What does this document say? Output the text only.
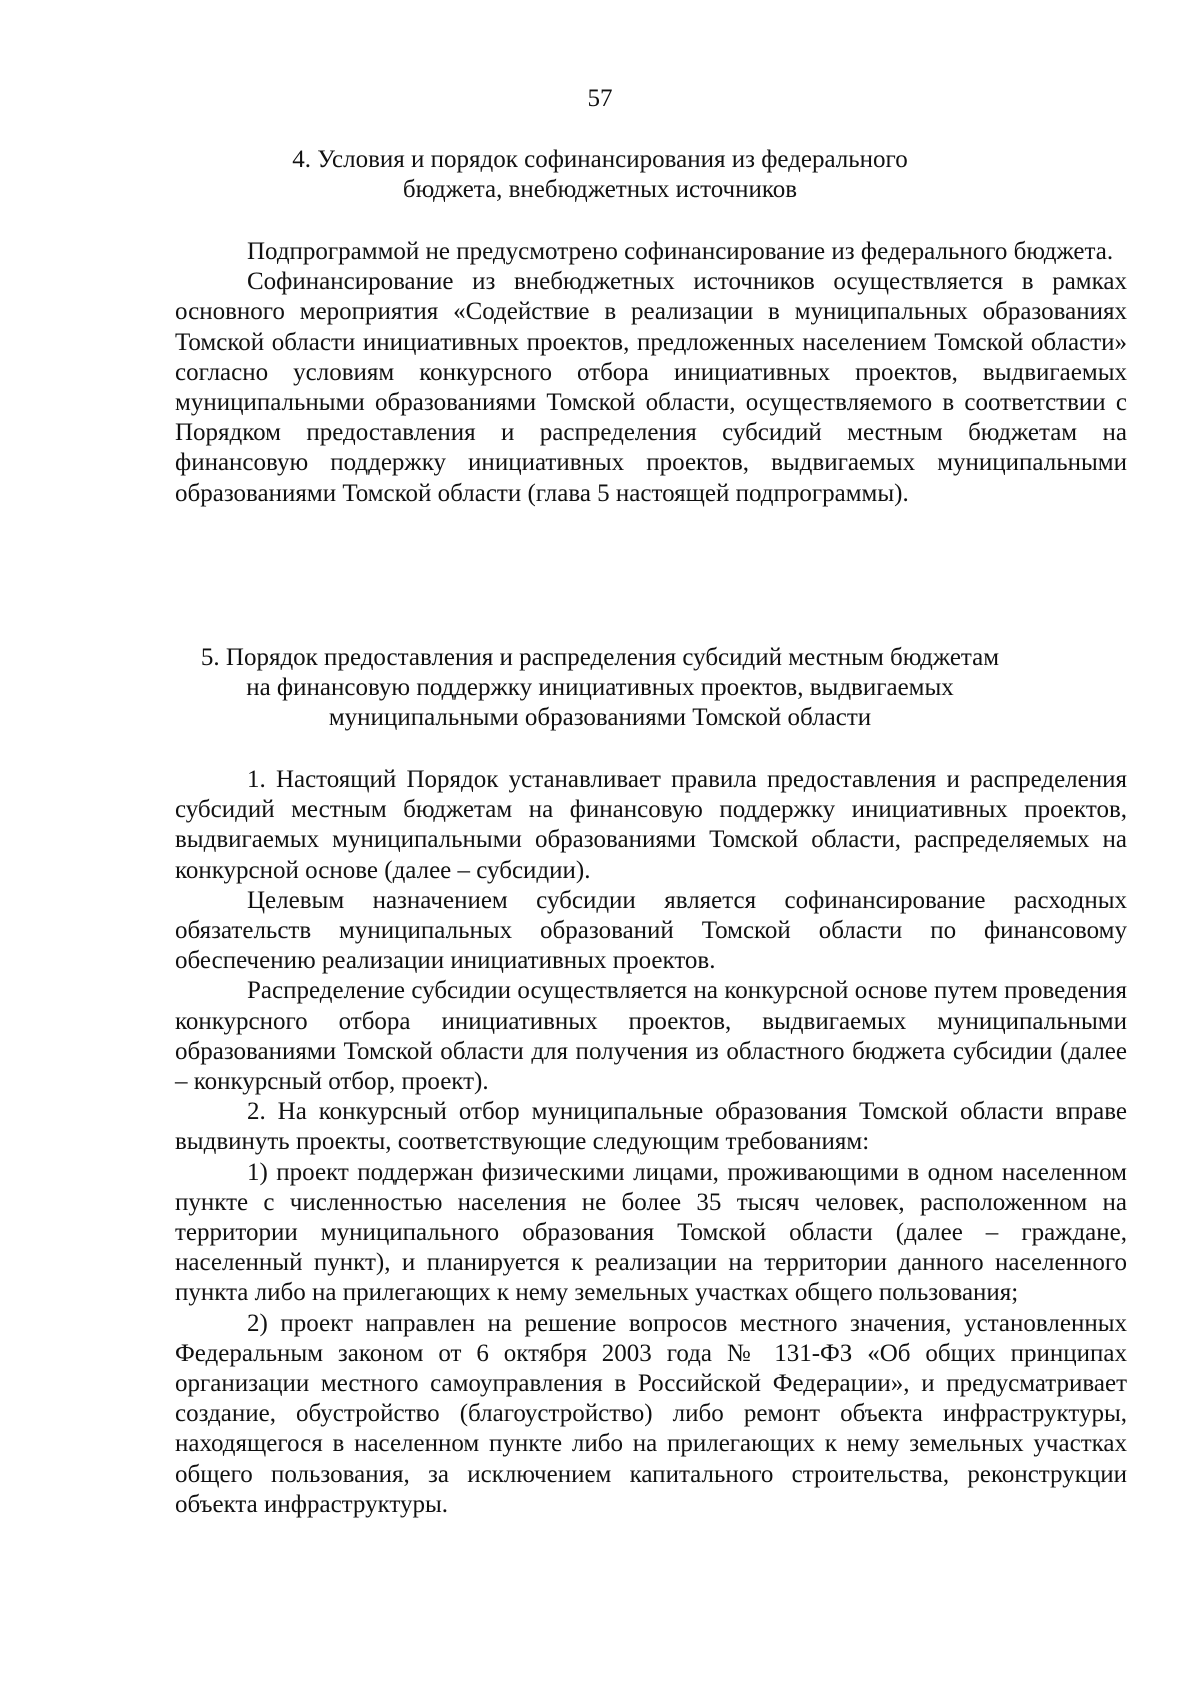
57
4. Условия и порядок софинансирования из федерального
бюджета, внебюджетных источников

Подпрограммой не предусмотрено софинансирование из федерального бюджета.

Софинансирование из внебюджетных источников осуществляется в рамках основного мероприятия «Содействие в реализации в муниципальных образованиях Томской области инициативных проектов, предложенных населением Томской области» согласно условиям конкурсного отбора инициативных проектов, выдвигаемых муниципальными образованиями Томской области, осуществляемого в соответствии с Порядком предоставления и распределения субсидий местным бюджетам на финансовую поддержку инициативных проектов, выдвигаемых муниципальными образованиями Томской области (глава 5 настоящей подпрограммы).

5. Порядок предоставления и распределения субсидий местным бюджетам
на финансовую поддержку инициативных проектов, выдвигаемых
муниципальными образованиями Томской области

1. Настоящий Порядок устанавливает правила предоставления и распределения субсидий местным бюджетам на финансовую поддержку инициативных проектов, выдвигаемых муниципальными образованиями Томской области, распределяемых на конкурсной основе (далее – субсидии).

Целевым назначением субсидии является софинансирование расходных обязательств муниципальных образований Томской области по финансовому обеспечению реализации инициативных проектов.

Распределение субсидии осуществляется на конкурсной основе путем проведения конкурсного отбора инициативных проектов, выдвигаемых муниципальными образованиями Томской области для получения из областного бюджета субсидии (далее – конкурсный отбор, проект).

2. На конкурсный отбор муниципальные образования Томской области вправе выдвинуть проекты, соответствующие следующим требованиям:

1) проект поддержан физическими лицами, проживающими в одном населенном пункте с численностью населения не более 35 тысяч человек, расположенном на территории муниципального образования Томской области (далее – граждане, населенный пункт), и планируется к реализации на территории данного населенного пункта либо на прилегающих к нему земельных участках общего пользования;

2) проект направлен на решение вопросов местного значения, установленных Федеральным законом от 6 октября 2003 года № 131-ФЗ «Об общих принципах организации местного самоуправления в Российской Федерации», и предусматривает создание, обустройство (благоустройство) либо ремонт объекта инфраструктуры, находящегося в населенном пункте либо на прилегающих к нему земельных участках общего пользования, за исключением капитального строительства, реконструкции объекта инфраструктуры.
